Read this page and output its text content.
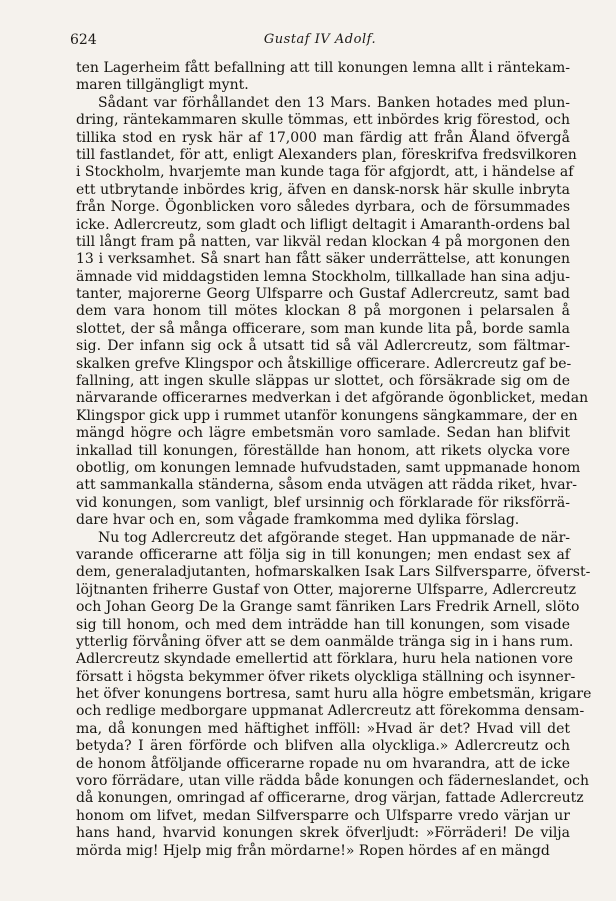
624	Gustaf IV Adolf.

ten Lagerheim fått befallning att till konungen lemna allt i räntekam-
maren tillgängligt mynt.

Sådant var förhållandet den 13 Mars. Banken hotades med plun-
dring, räntekammaren skulle tömmas, ett inbördes krig förestod, och
tillika stod en rysk här af 17,000 man färdig att från Åland öfvergå
till fastlandet, för att, enligt Alexanders plan, föreskrifva fredsvilkoren
i Stockholm, hvarjemte man kunde taga för afgjordt, att, i händelse af
ett utbrytande inbördes krig, äfven en dansk-norsk här skulle inbryta
från Norge. Ögonblicken voro således dyrbara, och de försummades
icke. Adlercreutz, som gladt och lifligt deltagit i Amaranth-ordens bal
till långt fram på natten, var likväl redan klockan 4 på morgonen den
13 i verksamhet. Så snart han fått säker underrättelse, att konungen
ämnade vid middagstiden lemna Stockholm, tillkallade han sina adju-
tanter, majorerne Georg Ulfsparre och Gustaf Adlercreutz, samt bad
dem vara honom till mötes klockan 8 på morgonen i pelarsalen å
slottet, der så många officerare, som man kunde lita på, borde samla
sig. Der infann sig ock å utsatt tid så väl Adlercreutz, som fältmar-
skalken grefve Klingspor och åtskillige officerare. Adlercreutz gaf be-
fallning, att ingen skulle släppas ur slottet, och försäkrade sig om de
närvarande officerarnes medverkan i det afgörande ögonblicket, medan
Klingspor gick upp i rummet utanför konungens sängkammare, der en
mängd högre och lägre embetsmän voro samlade. Sedan han blifvit
inkallad till konungen, föreställde han honom, att rikets olycka vore
obotlig, om konungen lemnade hufvudstaden, samt uppmanade honom
att sammankalla ständerna, såsom enda utvägen att rädda riket, hvar-
vid konungen, som vanligt, blef ursinnig och förklarade för riksförrä-
dare hvar och en, som vågade framkomma med dylika förslag.

Nu tog Adlercreutz det afgörande steget. Han uppmanade de när-
varande officerarne att följa sig in till konungen; men endast sex af
dem, generaladjutanten, hofmarskalken Isak Lars Silfversparre, öfverst-
löjtnanten friherre Gustaf von Otter, majorerne Ulfsparre, Adlercreutz
och Johan Georg De la Grange samt fänriken Lars Fredrik Arnell, slöto
sig till honom, och med dem inträdde han till konungen, som visade
ytterlig förvåning öfver att se dem oanmälde tränga sig in i hans rum.
Adlercreutz skyndade emellertid att förklara, huru hela nationen vore
försatt i högsta bekymmer öfver rikets olyckliga ställning och isynner-
het öfver konungens bortresa, samt huru alla högre embetsmän, krigare
och redlige medborgare uppmanat Adlercreutz att förekomma densam-
ma, då konungen med häftighet infföll: »Hvad är det? Hvad vill det
betyda? I ären förförde och blifven alla olyckliga.» Adlercreutz och
de honom åtföljande officerarne ropade nu om hvarandra, att de icke
voro förrädare, utan ville rädda både konungen och fäderneslandet, och
då konungen, omringad af officerarne, drog värjan, fattade Adlercreutz
honom om lifvet, medan Silfversparre och Ulfsparre vredo värjan ur
hans hand, hvarvid konungen skrek öfverljudt: »Förräderi! De vilja
mörda mig! Hjelp mig från mördarne!» Ropen hördes af en mängd
